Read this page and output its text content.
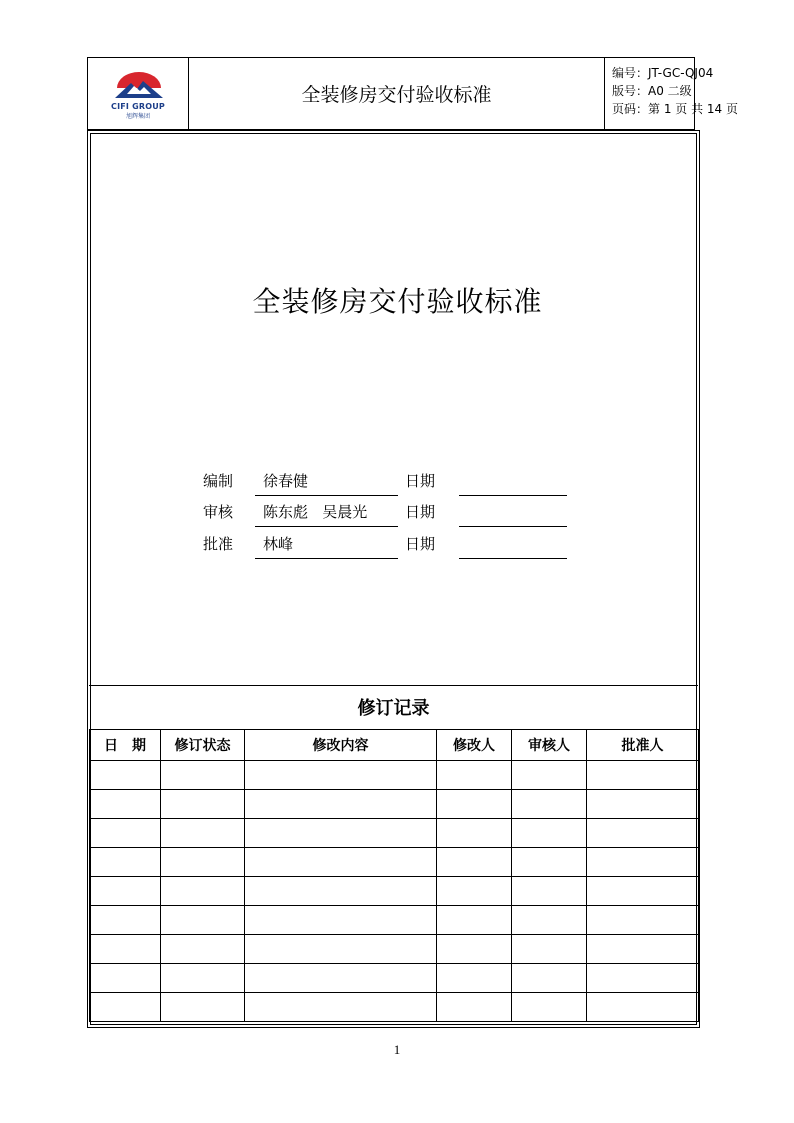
CIFI GROUP
旭辉集团
全装修房交付验收标准
编号：JT-GC-QJ04
版号：A0 二级
页码：第 1 页 共 14 页
全装修房交付验收标准
编制 徐春健	日期
审核 陈东彪   吴晨光	日期
批准 林峰	日期
修订记录
日　期	修订状态	修改内容	修改人	审核人	批准人

1
